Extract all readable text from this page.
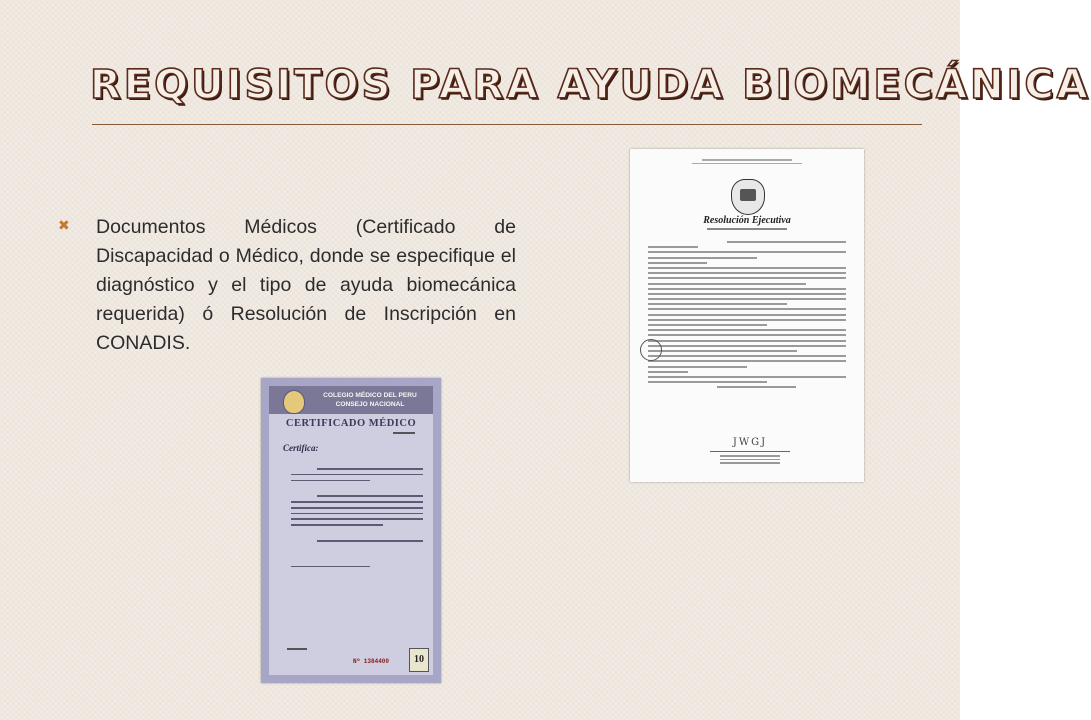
REQUISITOS PARA AYUDA BIOMECÁNICA
✖ Documentos Médicos (Certificado de Discapacidad o Médico, donde se especifique el diagnóstico y el tipo de ayuda biomecánica requerida) ó Resolución de Inscripción en CONADIS.
Resolución Ejecutiva
JWGJ
COLEGIO MÉDICO DEL PERU CONSEJO NACIONAL
CERTIFICADO MÉDICO
Certifica:
Nº 1384400	10
